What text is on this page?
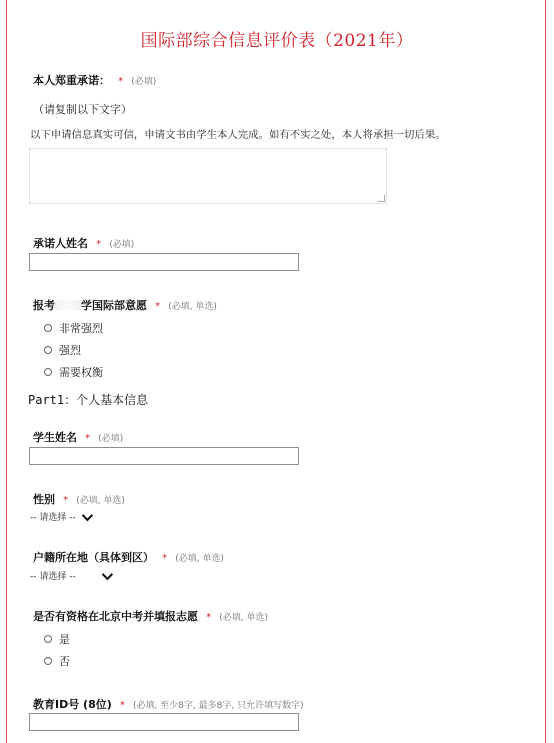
国际部综合信息评价表（2021年）
本人郑重承诺： * (必填)
（请复制以下文字）
以下申请信息真实可信，申请文书由学生本人完成。如有不实之处，本人将承担一切后果。
承诺人姓名 * (必填)
报考 学国际部意愿 * (必填, 单选)
非常强烈
强烈
需要权衡
Part1：个人基本信息
学生姓名 * (必填)
性别 * (必填, 单选)
-- 请选择 --
户籍所在地（具体到区） * (必填, 单选)
-- 请选择 --
是否有资格在北京中考并填报志愿 * (必填, 单选)
是
否
教育ID号 (8位) * (必填, 至少8字, 最多8字, 只允许填写数字)
